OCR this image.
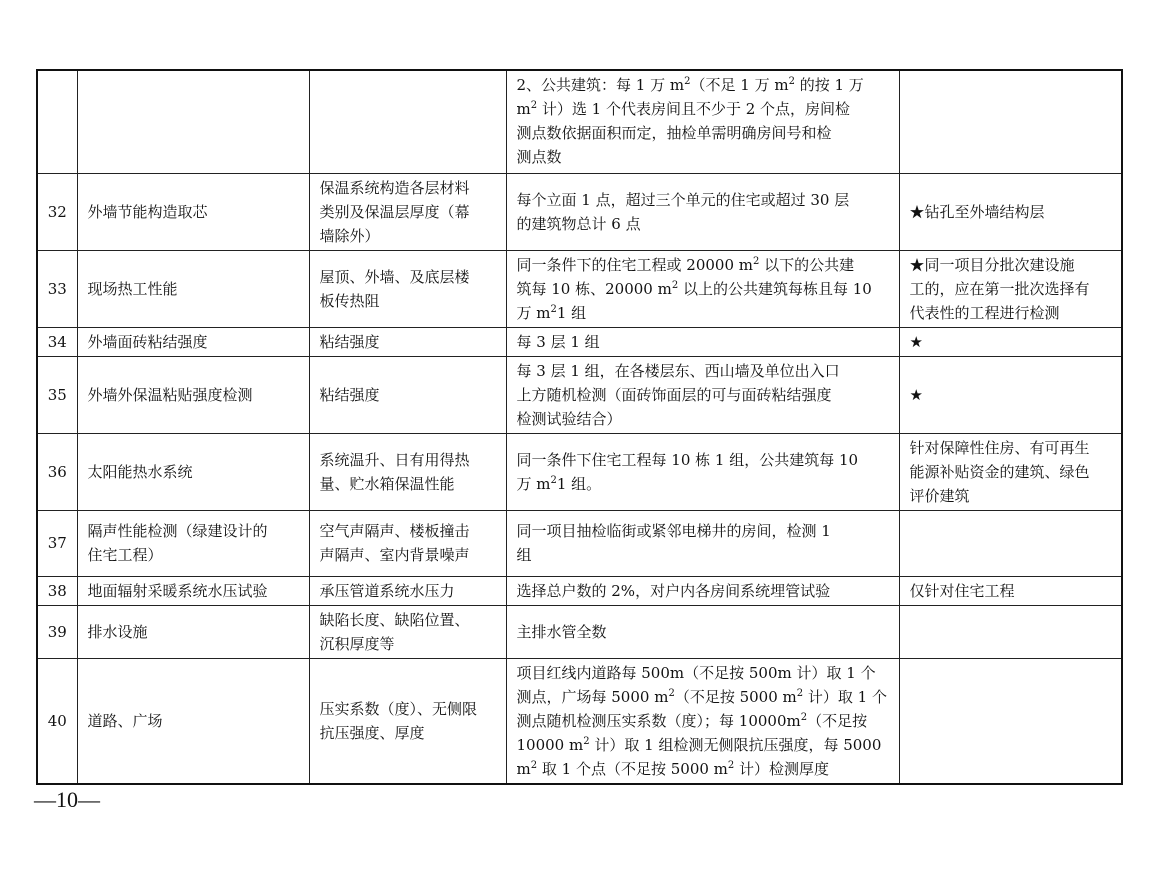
			2、公共建筑：每 1 万 $m^2$（不足 1 万 $m^2$ 的按 1 万
$m^2$ 计）选 1 个代表房间且不少于 2 个点，房间检
测点数依据面积而定，抽检单需明确房间号和检
测点数	
32	外墙节能构造取芯	保温系统构造各层材料
类别及保温层厚度（幕
墙除外）	每个立面 1 点，超过三个单元的住宅或超过 30 层
的建筑物总计 6 点	★钻孔至外墙结构层
33	现场热工性能	屋顶、外墙、及底层楼
板传热阻	同一条件下的住宅工程或 20000 $m^2$ 以下的公共建
筑每 10 栋、20000 $m^2$ 以上的公共建筑每栋且每 10
万 $m^21$ 组	★同一项目分批次建设施
工的，应在第一批次选择有
代表性的工程进行检测
34	外墙面砖粘结强度	粘结强度	每 3 层 1 组	★
35	外墙外保温粘贴强度检测	粘结强度	每 3 层 1 组，在各楼层东、西山墙及单位出入口
上方随机检测（面砖饰面层的可与面砖粘结强度
检测试验结合）	★
36	太阳能热水系统	系统温升、日有用得热
量、贮水箱保温性能	同一条件下住宅工程每 10 栋 1 组，公共建筑每 10
万 $m^21$ 组。	针对保障性住房、有可再生
能源补贴资金的建筑、绿色
评价建筑
37	隔声性能检测（绿建设计的
住宅工程）	空气声隔声、楼板撞击
声隔声、室内背景噪声	同一项目抽检临街或紧邻电梯井的房间，检测 1
组	
38	地面辐射采暖系统水压试验	承压管道系统水压力	选择总户数的 2%，对户内各房间系统埋管试验	仅针对住宅工程
39	排水设施	缺陷长度、缺陷位置、
沉积厚度等	主排水管全数	
40	道路、广场	压实系数（度）、无侧限
抗压强度、厚度	项目红线内道路每 500m（不足按 500m 计）取 1 个
测点，广场每 5000 $m^2$（不足按 5000 $m^2$ 计）取 1 个
测点随机检测压实系数（度）；每 $10000m^2$（不足按
10000 $m^2$ 计）取 1 组检测无侧限抗压强度，每 5000
$m^2$ 取 1 个点（不足按 5000 $m^2$ 计）检测厚度	
—10—
